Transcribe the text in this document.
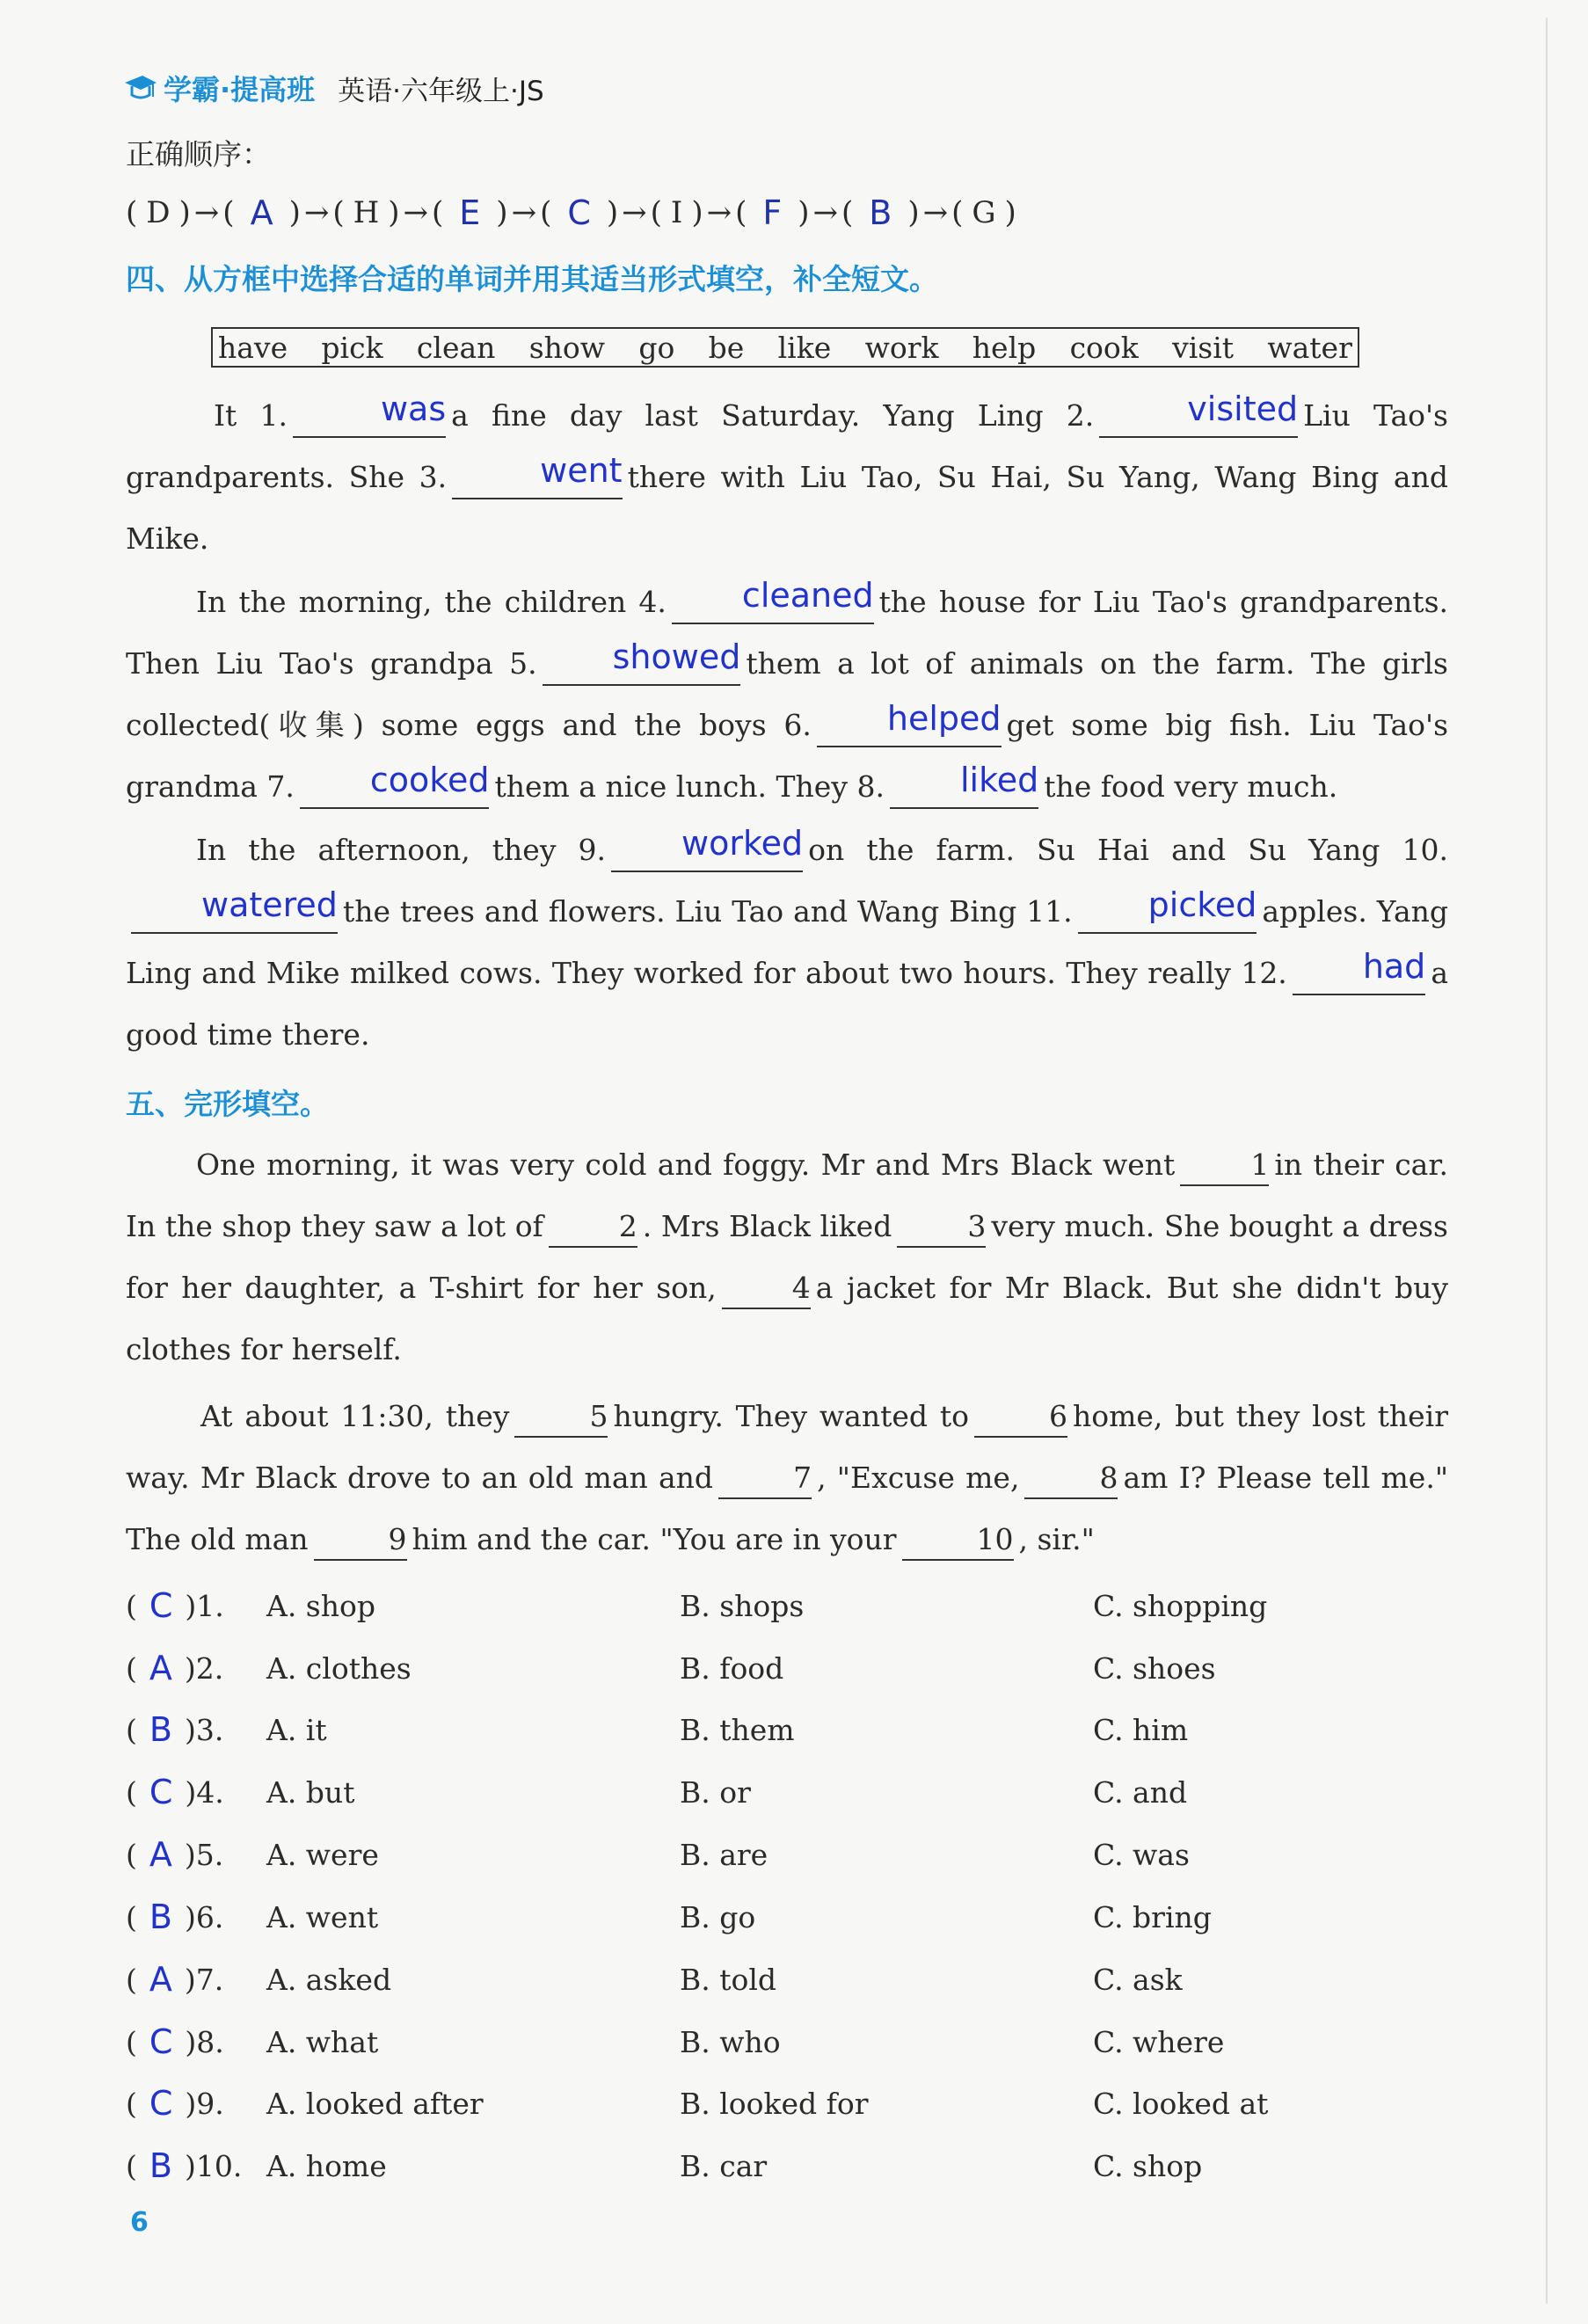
学霸·提高班 英语·六年级上·JS
正确顺序：
( D ) → ( A ) → ( H ) → ( E ) → ( C ) → ( I ) → ( F ) → ( B ) → ( G )
四、从方框中选择合适的单词并用其适当形式填空，补全短文。
have pick clean show go be like work help cook visit water
It 1.	was a fine day last Saturday. Yang Ling 2.	visited Liu Tao's grandparents. She 3.	went there with Liu Tao, Su Hai, Su Yang, Wang Bing and Mike.
In the morning, the children 4. cleaned the house for Liu Tao's grandparents. Then Liu Tao's grandpa 5. showed them a lot of animals on the farm. The girls collected(收集) some eggs and the boys 6. helped get some big fish. Liu Tao's grandma 7. cooked them a nice lunch. They 8. liked the food very much.
In the afternoon, they 9. worked on the farm. Su Hai and Su Yang 10.watered the trees and flowers. Liu Tao and Wang Bing 11. picked apples. Yang Ling and Mike milked cows. They worked for about two hours. They really 12. had a good time there.
五、完形填空。
One morning, it was very cold and foggy. Mr and Mrs Black went	1 in their car. In the shop they saw a lot of	2 . Mrs Black liked	3 very much. She bought a dress for her daughter, a T-shirt for her son,	4 a jacket for Mr Black. But she didn't buy clothes for herself.
At about 11:30, they	5 hungry. They wanted to	6 home, but they lost their way. Mr Black drove to an old man and	7 , "Excuse me,	8 am I? Please tell me." The old man	9 him and the car. "You are in your	10 , sir."
( C )1. A. shop	B. shops	C. shopping
( A )2. A. clothes	B. food	C. shoes
( B )3. A. it	B. them	C. him
( C )4. A. but	B. or	C. and
( A )5. A. were	B. are	C. was
( B )6. A. went	B. go	C. bring
( A )7. A. asked	B. told	C. ask
( C )8. A. what	B. who	C. where
( C )9. A. looked after	B. looked for	C. looked at
( B )10. A. home	B. car	C. shop
6
